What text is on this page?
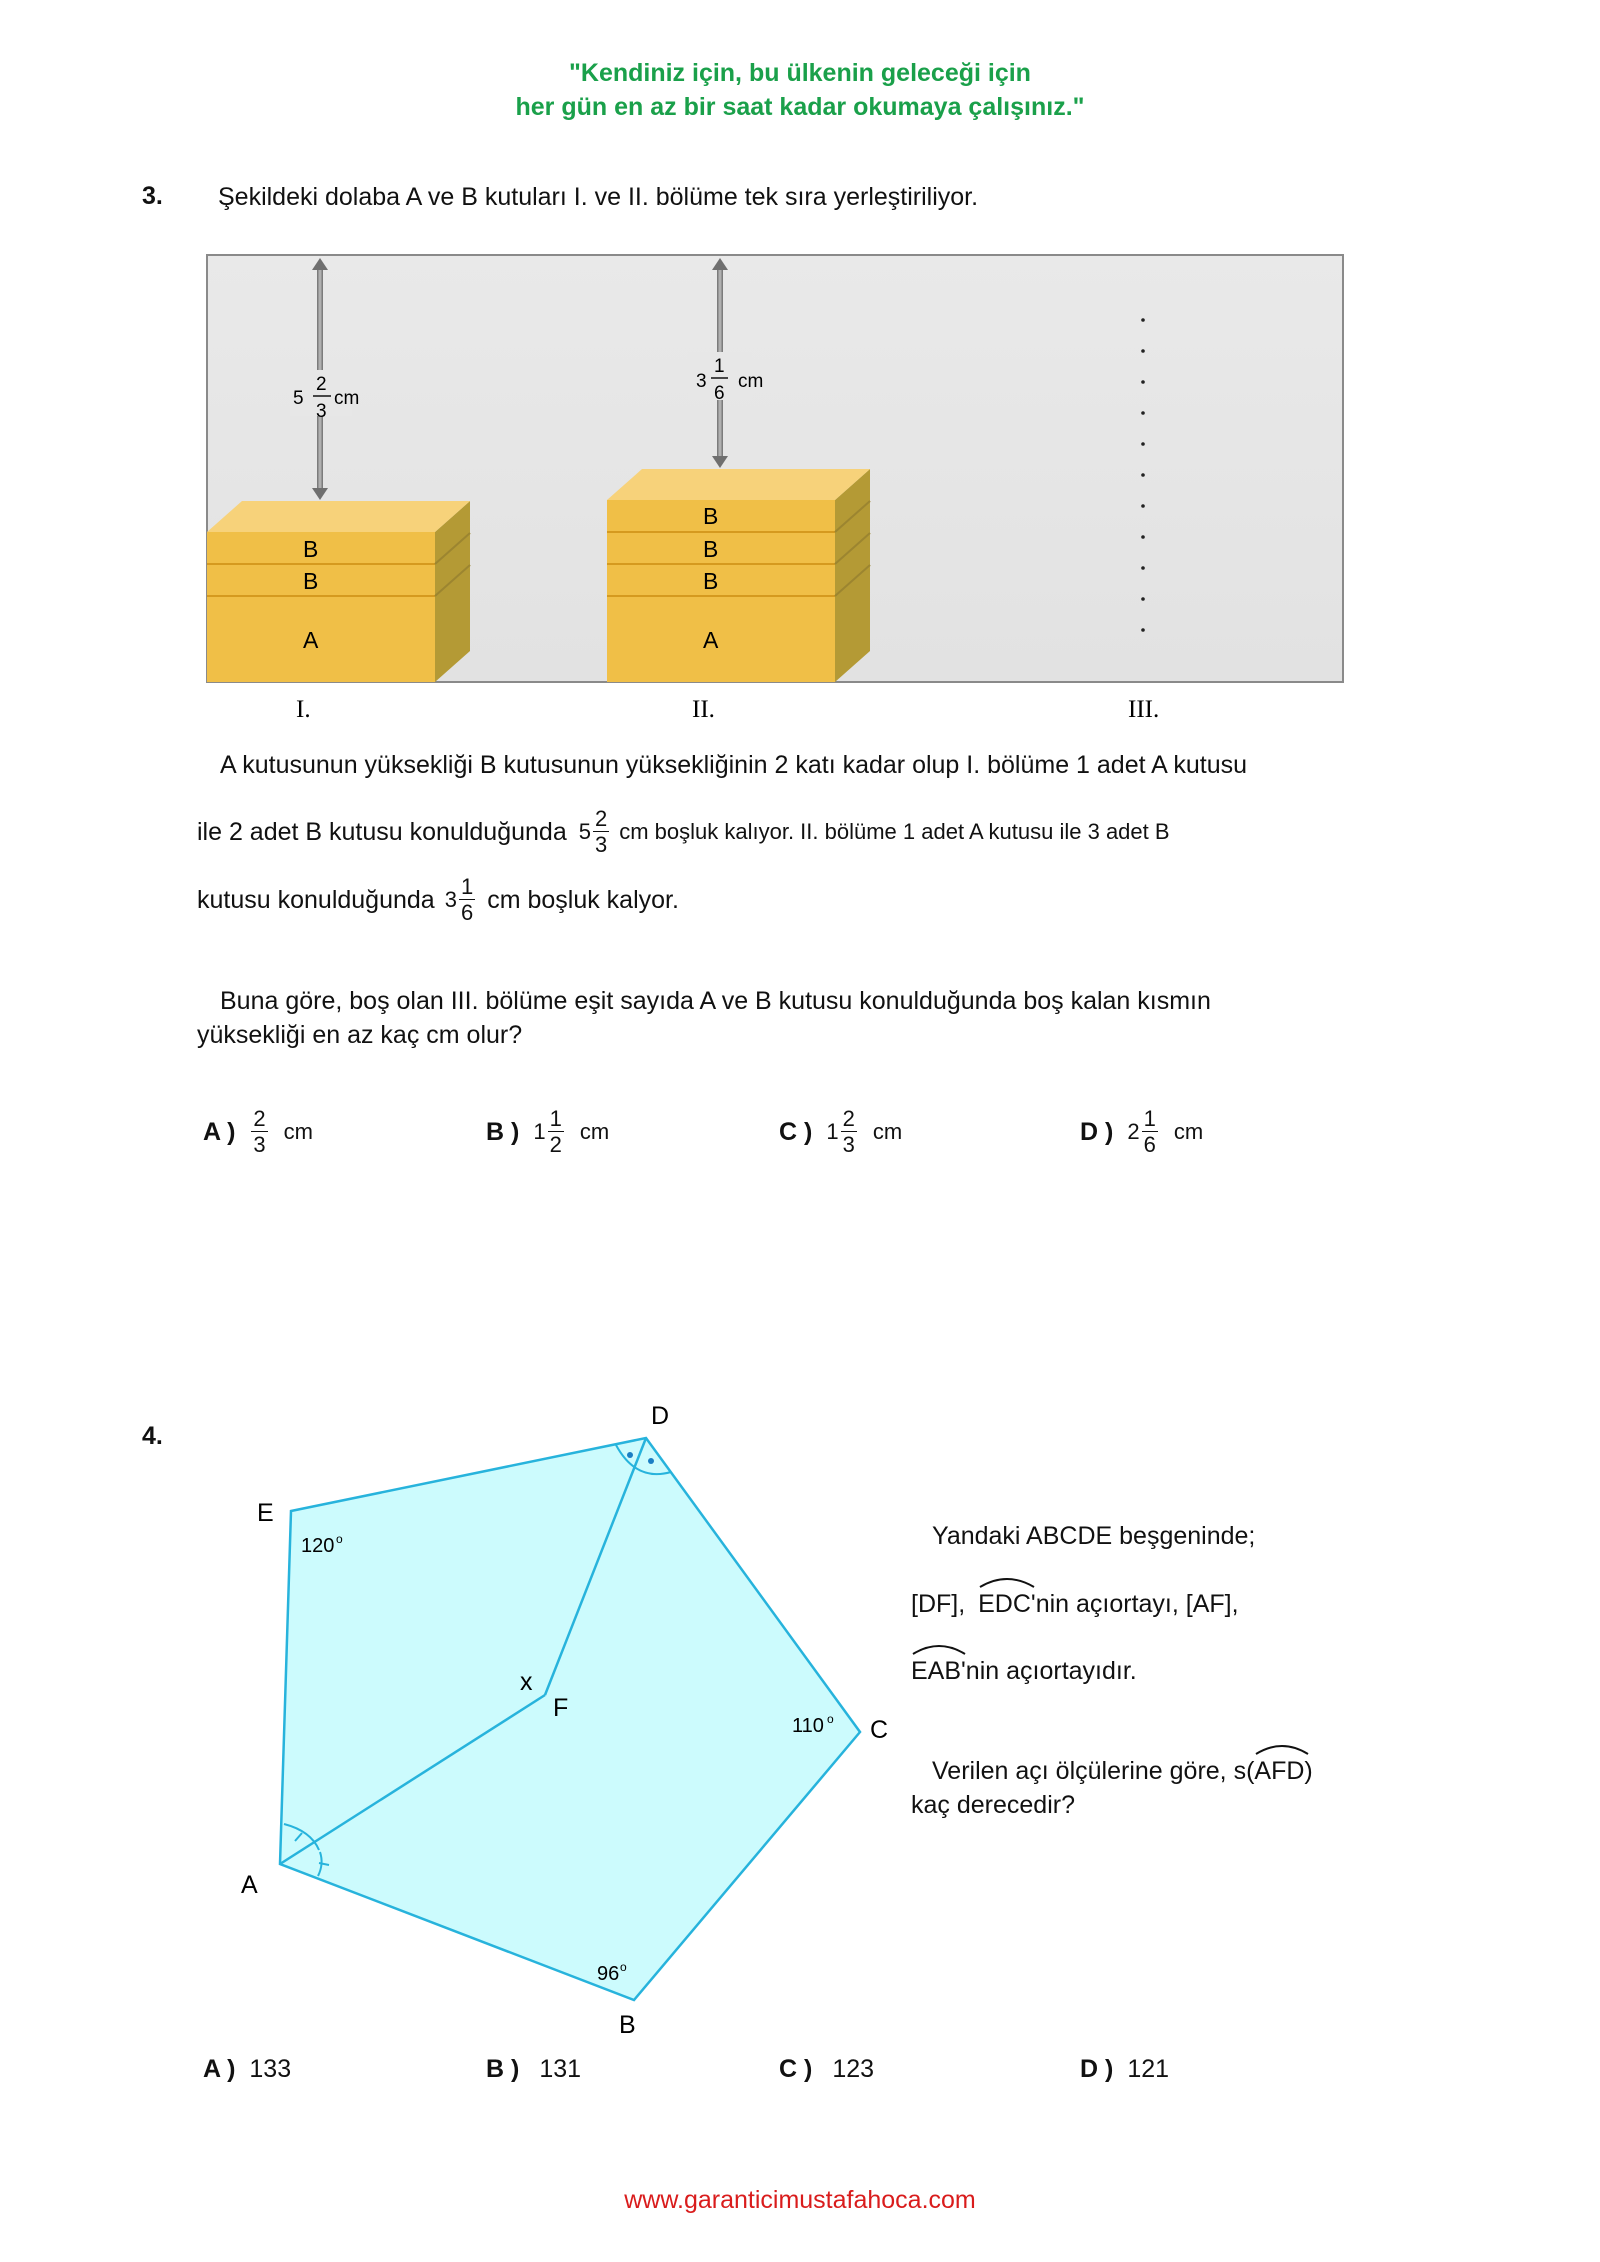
"Kendiniz için, bu ülkenin geleceği için
her gün en az bir saat kadar okumaya çalışınız."
3. Şekildeki dolaba A ve B kutuları I. ve II. bölüme tek sıra yerleştiriliyor.
B
B
A
B
B
B
A
5
2
3
cm
3
1
6
cm
I.	II.	III.
A kutusunun yüksekliği B kutusunun yüksekliğinin 2 katı kadar olup I. bölüme 1 adet A kutusu
ile 2 adet B kutusu konulduğunda $5 \frac{2}{3}$ cm boşluk kalıyor. II. bölüme 1 adet A kutusu ile 3 adet B
kutusu konulduğunda $3 \frac{1}{6}$ cm boşluk kalyor.
Buna göre, boş olan III. bölüme eşit sayıda A ve B kutusu konulduğunda boş kalan kısmın
yüksekliği en az kaç cm olur?
A ) $\frac{2}{3}$ cm	B ) $1 \frac{1}{2}$ cm	C ) $1 \frac{2}{3}$ cm	D ) $2 \frac{1}{6}$ cm
4.
D
E
C
A
B
F
x
120 o
110 o
96 o
Yandaki ABCDE beşgeninde;
[DF], EDC'nin açıortayı, [AF],
EAB'nin açıortayıdır.
Verilen açı ölçülerine göre, s(
AFD)
kaç derecedir?
A ) 133	B ) 131	C ) 123	D ) 121
www.garanticimustafahoca.com
